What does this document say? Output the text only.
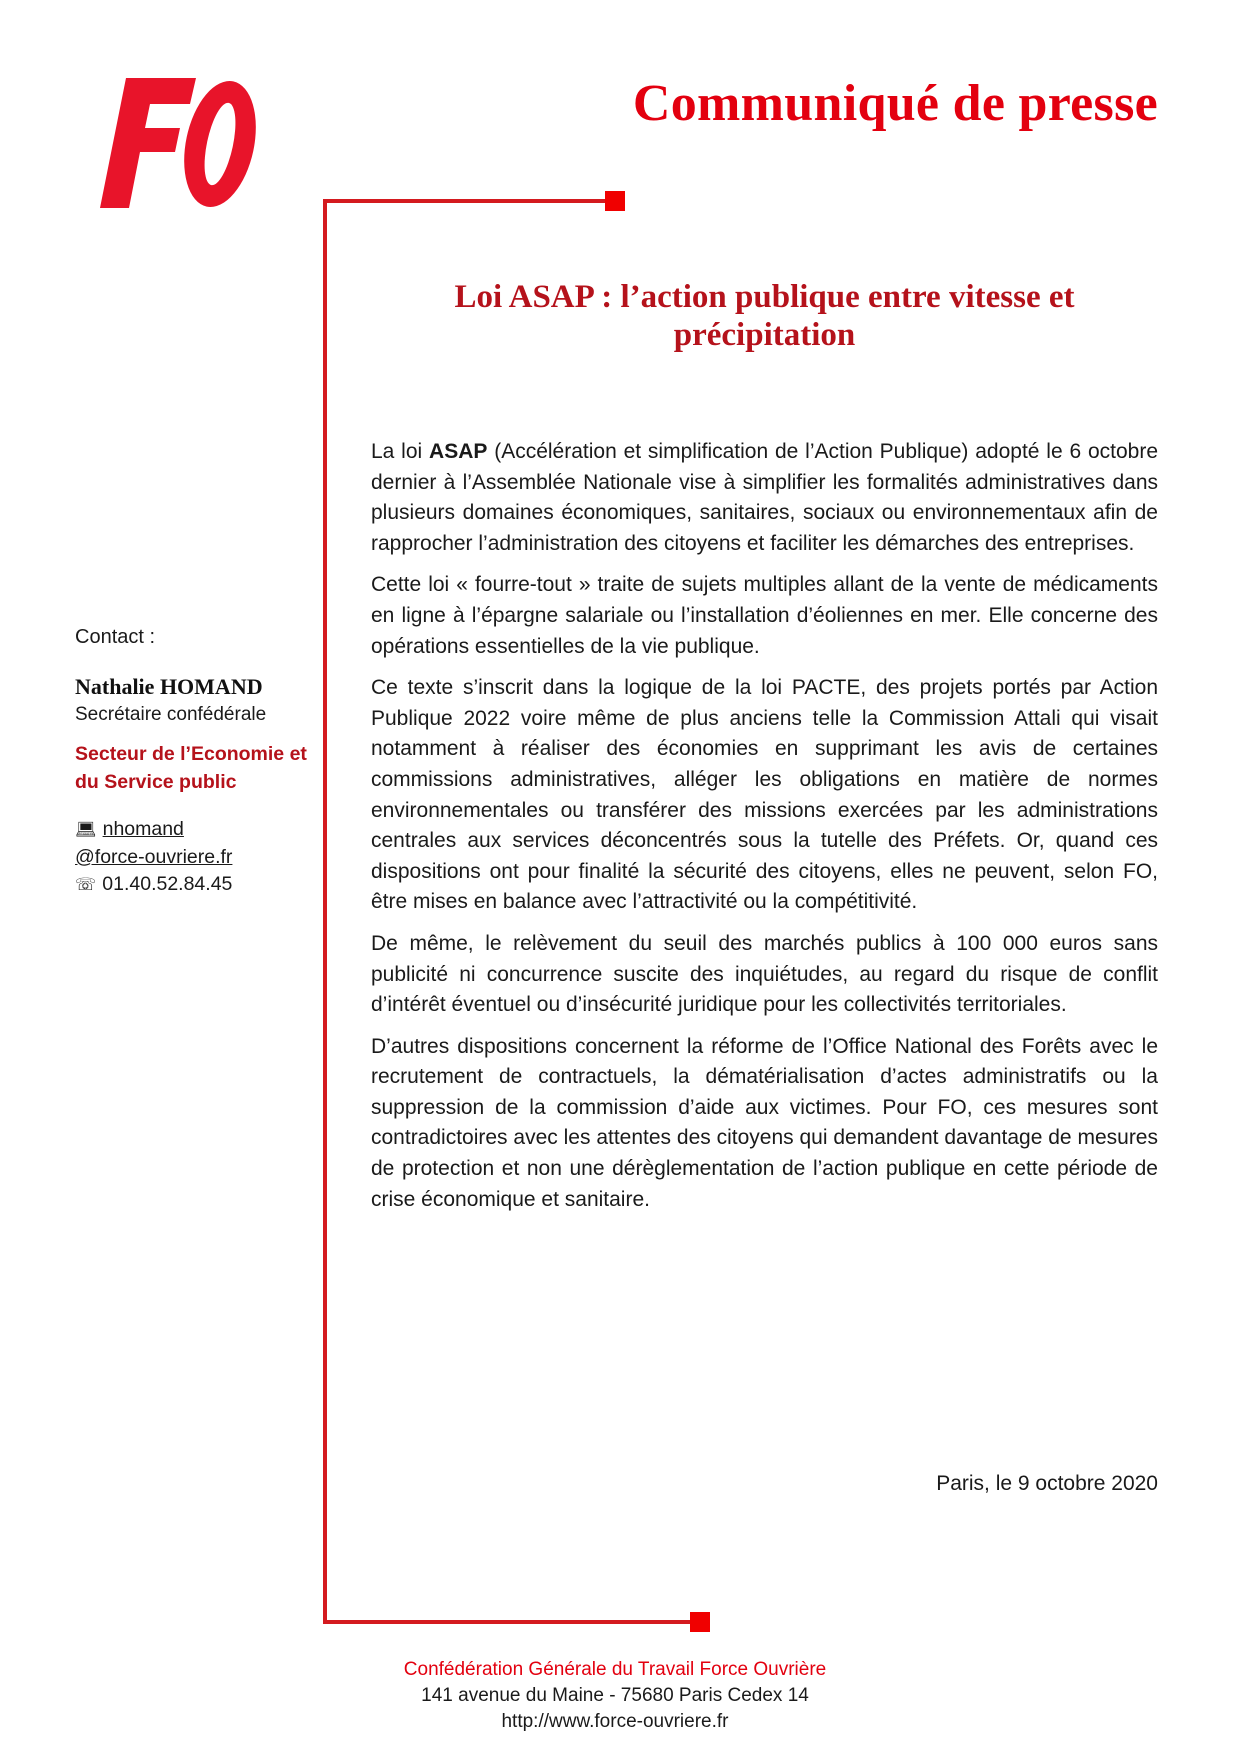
Communiqué de presse
Loi ASAP : l’action publique entre vitesse et
précipitation

La loi ASAP (Accélération et simplification de l’Action Publique) adopté le 6 octobre dernier à l’Assemblée Nationale vise à simplifier les formalités administratives dans plusieurs domaines économiques, sanitaires, sociaux ou environnementaux afin de rapprocher l’administration des citoyens et faciliter les démarches des entreprises.

Cette loi « fourre-tout » traite de sujets multiples allant de la vente de médicaments en ligne à l’épargne salariale ou l’installation d’éoliennes en mer. Elle concerne des opérations essentielles de la vie publique.

Ce texte s’inscrit dans la logique de la loi PACTE, des projets portés par Action Publique 2022 voire même de plus anciens telle la Commission Attali qui visait notamment à réaliser des économies en supprimant les avis de certaines commissions administratives, alléger les obligations en matière de normes environnementales ou transférer des missions exercées par les administrations centrales aux services déconcentrés sous la tutelle des Préfets. Or, quand ces dispositions ont pour finalité la sécurité des citoyens, elles ne peuvent, selon FO, être mises en balance avec l’attractivité ou la compétitivité.

De même, le relèvement du seuil des marchés publics à 100 000 euros sans publicité ni concurrence suscite des inquiétudes, au regard du risque de conflit d’intérêt éventuel ou d’insécurité juridique pour les collectivités territoriales.

D’autres dispositions concernent la réforme de l’Office National des Forêts avec le recrutement de contractuels, la dématérialisation d’actes administratifs ou la suppression de la commission d’aide aux victimes. Pour FO, ces mesures sont contradictoires avec les attentes des citoyens qui demandent davantage de mesures de protection et non une dérèglementation de l’action publique en cette période de crise économique et sanitaire.

Contact :
Nathalie HOMAND
Secrétaire confédérale
Secteur de l’Economie et
du Service public
💻︎ nhomand
@force-ouvriere.fr
☏ 01.40.52.84.45
Paris, le 9 octobre 2020
Confédération Générale du Travail Force Ouvrière
141 avenue du Maine - 75680 Paris Cedex 14
http://www.force-ouvriere.fr
